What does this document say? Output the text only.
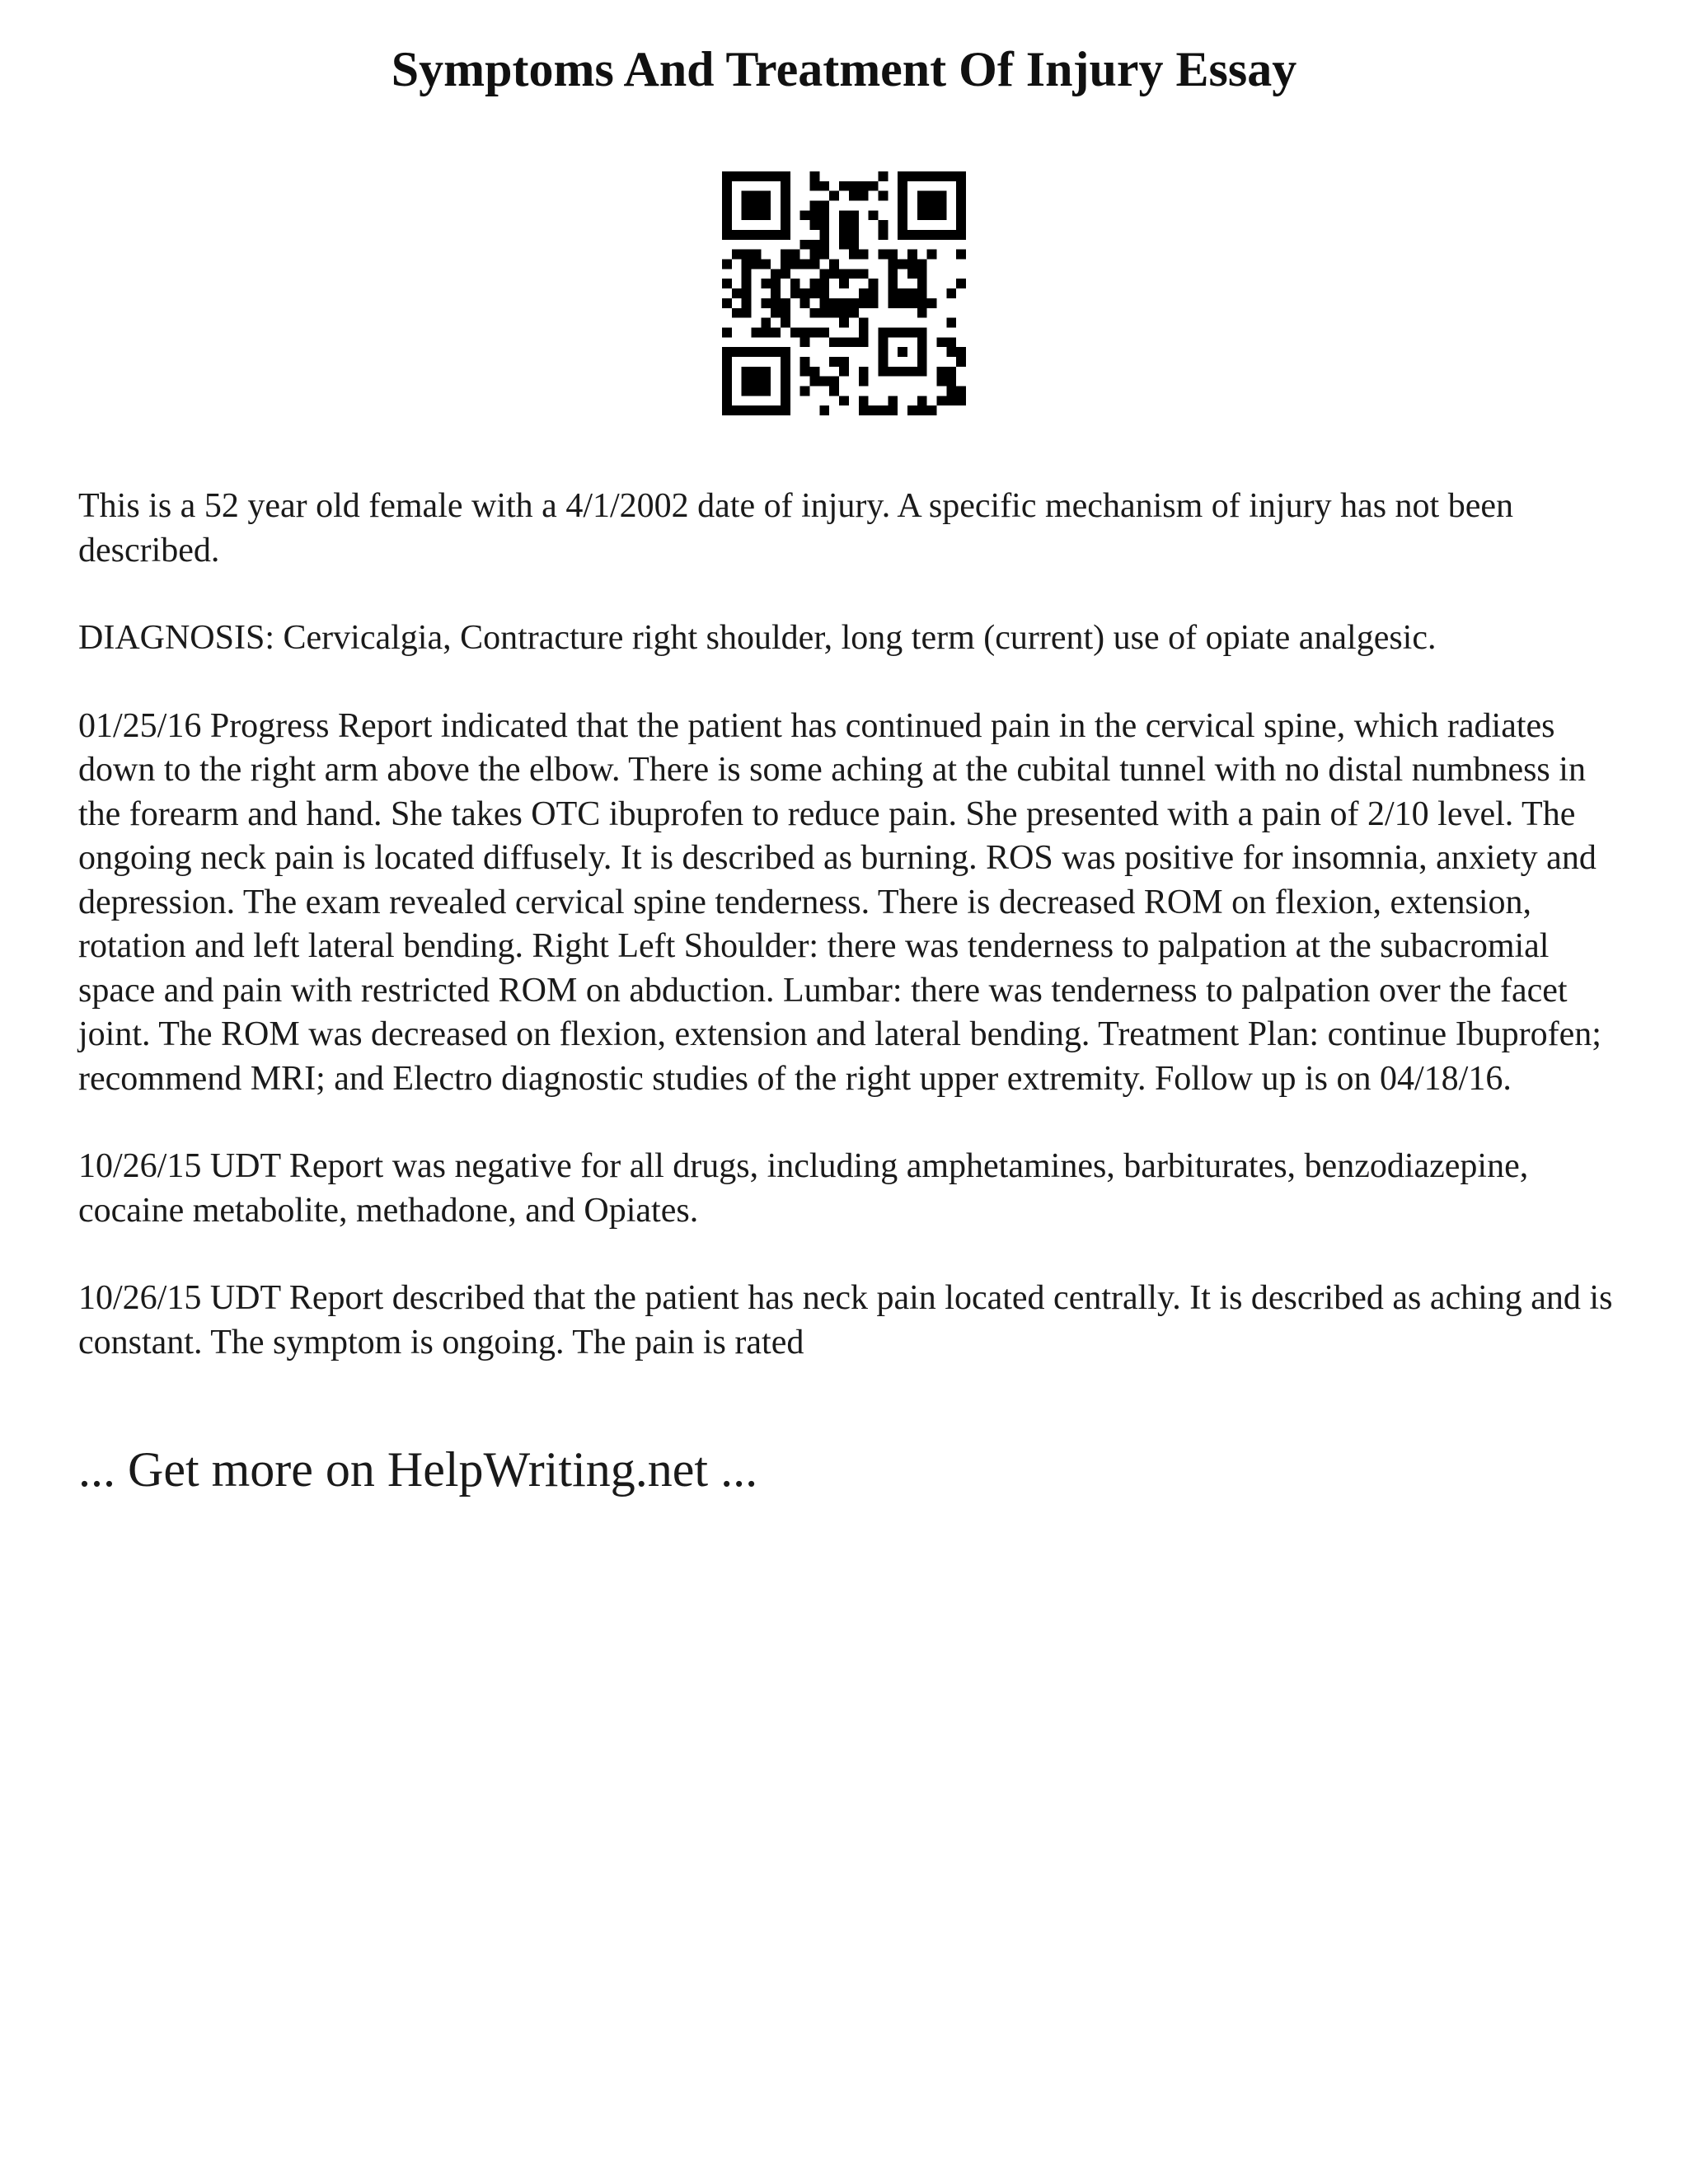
Symptoms And Treatment Of Injury Essay

This is a 52 year old female with a 4/1/2002 date of injury. A specific mechanism of injury has not been described.

DIAGNOSIS: Cervicalgia, Contracture right shoulder, long term (current) use of opiate analgesic.

01/25/16 Progress Report indicated that the patient has continued pain in the cervical spine, which radiates down to the right arm above the elbow. There is some aching at the cubital tunnel with no distal numbness in the forearm and hand. She takes OTC ibuprofen to reduce pain. She presented with a pain of 2/10 level. The ongoing neck pain is located diffusely. It is described as burning. ROS was positive for insomnia, anxiety and depression. The exam revealed cervical spine tenderness. There is decreased ROM on flexion, extension, rotation and left lateral bending. Right Left Shoulder: there was tenderness to palpation at the subacromial space and pain with restricted ROM on abduction. Lumbar: there was tenderness to palpation over the facet joint. The ROM was decreased on flexion, extension and lateral bending. Treatment Plan: continue Ibuprofen; recommend MRI; and Electro diagnostic studies of the right upper extremity. Follow up is on 04/18/16.

10/26/15 UDT Report was negative for all drugs, including amphetamines, barbiturates, benzodiazepine, cocaine metabolite, methadone, and Opiates.

10/26/15 UDT Report described that the patient has neck pain located centrally. It is described as aching and is constant. The symptom is ongoing. The pain is rated

... Get more on HelpWriting.net ...
